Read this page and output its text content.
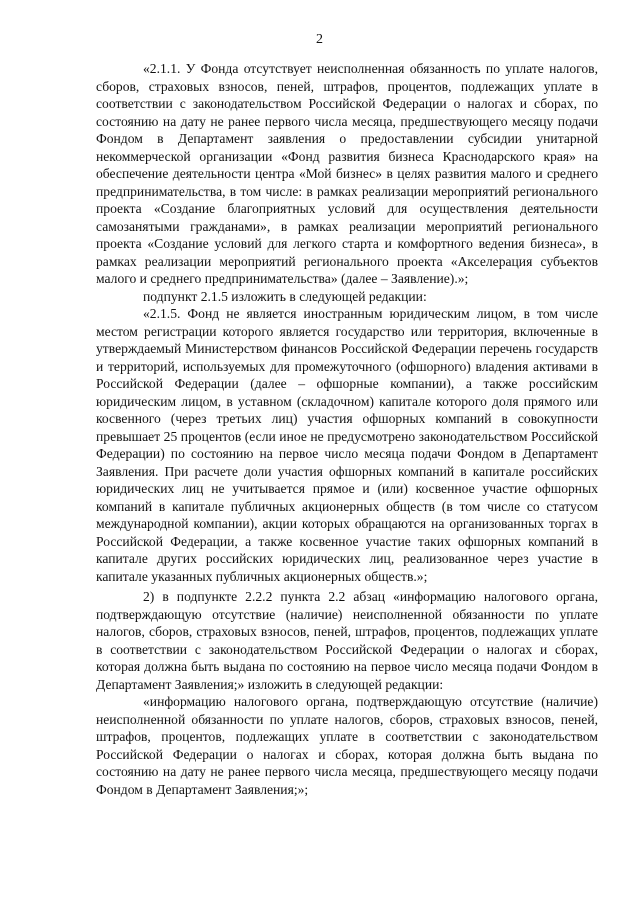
2

«2.1.1. У Фонда отсутствует неисполненная обязанность по уплате налогов, сборов, страховых взносов, пеней, штрафов, процентов, подлежащих уплате в соответствии с законодательством Российской Федерации о налогах и сборах, по состоянию на дату не ранее первого числа месяца, предшествующего месяцу подачи Фондом в Департамент заявления о предоставлении субсидии унитарной некоммерческой организации «Фонд развития бизнеса Краснодарского края» на обеспечение деятельности центра «Мой бизнес» в целях развития малого и среднего предпринимательства, в том числе: в рамках реализации мероприятий регионального проекта «Создание благоприятных условий для осуществления деятельности самозанятыми гражданами», в рамках реализации мероприятий регионального проекта «Создание условий для легкого старта и комфортного ведения бизнеса», в рамках реализации мероприятий регионального проекта «Акселерация субъектов малого и среднего предпринимательства» (далее – Заявление).»;

подпункт 2.1.5 изложить в следующей редакции:

«2.1.5. Фонд не является иностранным юридическим лицом, в том числе местом регистрации которого является государство или территория, включенные в утверждаемый Министерством финансов Российской Федерации перечень государств и территорий, используемых для промежуточного (офшорного) владения активами в Российской Федерации (далее – офшорные компании), а также российским юридическим лицом, в уставном (складочном) капитале которого доля прямого или косвенного (через третьих лиц) участия офшорных компаний в совокупности превышает 25 процентов (если иное не предусмотрено законодательством Российской Федерации) по состоянию на первое число месяца подачи Фондом в Департамент Заявления. При расчете доли участия офшорных компаний в капитале российских юридических лиц не учитывается прямое и (или) косвенное участие офшорных компаний в капитале публичных акционерных обществ (в том числе со статусом международной компании), акции которых обращаются на организованных торгах в Российской Федерации, а также косвенное участие таких офшорных компаний в капитале других российских юридических лиц, реализованное через участие в капитале указанных публичных акционерных обществ.»;

2) в подпункте 2.2.2 пункта 2.2 абзац «информацию налогового органа, подтверждающую отсутствие (наличие) неисполненной обязанности по уплате налогов, сборов, страховых взносов, пеней, штрафов, процентов, подлежащих уплате в соответствии с законодательством Российской Федерации о налогах и сборах, которая должна быть выдана по состоянию на первое число месяца подачи Фондом в Департамент Заявления;» изложить в следующей редакции:

«информацию налогового органа, подтверждающую отсутствие (наличие) неисполненной обязанности по уплате налогов, сборов, страховых взносов, пеней, штрафов, процентов, подлежащих уплате в соответствии с законодательством Российской Федерации о налогах и сборах, которая должна быть выдана по состоянию на дату не ранее первого числа месяца, предшествующего месяцу подачи Фондом в Департамент Заявления;»;
